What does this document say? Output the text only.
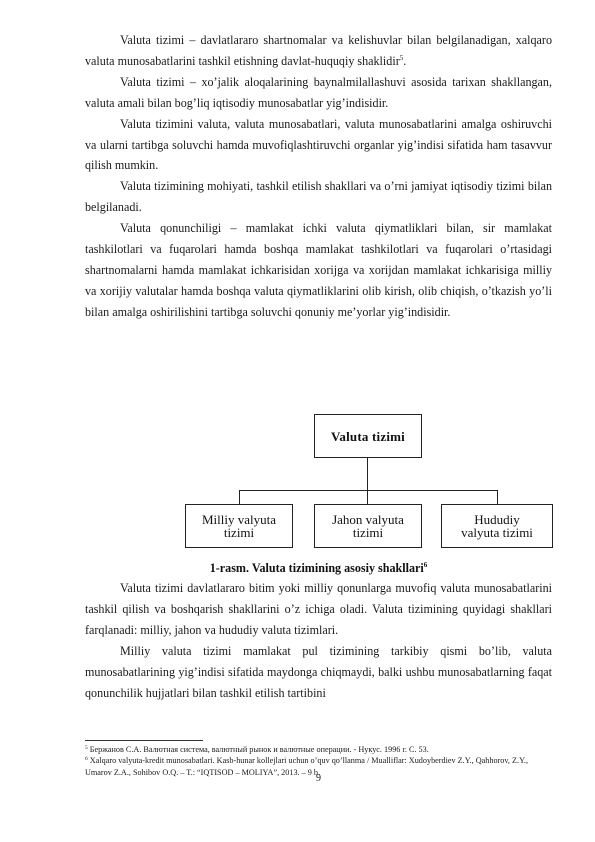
Valuta tizimi – davlatlararo shartnomalar va kelishuvlar bilan belgilanadigan, xalqaro valuta munosabatlarini tashkil etishning davlat-huquqiy shaklidir$^5$.

Valuta tizimi – xo’jalik aloqalarining baynalmilallashuvi asosida tarixan shakllangan, valuta amali bilan bog’liq iqtisodiy munosabatlar yig’indisidir.

Valuta tizimini valuta, valuta munosabatlari, valuta munosabatlarini amalga oshiruvchi va ularni tartibga soluvchi hamda muvofiqlashtiruvchi organlar yig’indisi sifatida ham tasavvur qilish mumkin.

Valuta tizimining mohiyati, tashkil etilish shakllari va o’rni jamiyat iqtisodiy tizimi bilan belgilanadi.

Valuta qonunchiligi – mamlakat ichki valuta qiymatliklari bilan, sir mamlakat tashkilotlari va fuqarolari hamda boshqa mamlakat tashkilotlari va fuqarolari o’rtasidagi shartnomalarni hamda mamlakat ichkarisidan xorijga va xorijdan mamlakat ichkarisiga milliy va xorijiy valutalar hamda boshqa valuta qiymatliklarini olib kirish, olib chiqish, o’tkazish yo’li bilan amalga oshirilishini tartibga soluvchi qonuniy me’yorlar yig’indisidir.

Valuta tizimi
Milliy valyuta
tizimi
Jahon valyuta
tizimi
Hududiy
valyuta tizimi
1-rasm. Valuta tizimining asosiy shakllari$^6$

Valuta tizimi davlatlararo bitim yoki milliy qonunlarga muvofiq valuta munosabatlarini tashkil qilish va boshqarish shakllarini o’z ichiga oladi. Valuta tizimining quyidagi shakllari farqlanadi: milliy, jahon va hududiy valuta tizimlari.

Milliy valuta tizimi mamlakat pul tizimining tarkibiy qismi bo’lib, valuta munosabatlarining yig’indisi sifatida maydonga chiqmaydi, balki ushbu munosabatlarning faqat qonunchilik hujjatlari bilan tashkil etilish tartibini

$^5$ Бержанов С.А. Валютная система, валютный рынок и валютные операции. - Нукус. 1996 г. С. 53.

$^6$ Xalqaro valyuta-kredit munosabatlari. Kasb-hunar kollejlari uchun o’quv qo’llanma / Mualliflar: Xudoyberdiev Z.Y., Qahhorov, Z.Y., Umarov Z.A., Sohibov O.Q. – T.: “IQTISOD – MOLIYA”, 2013. – 9 b.

9
